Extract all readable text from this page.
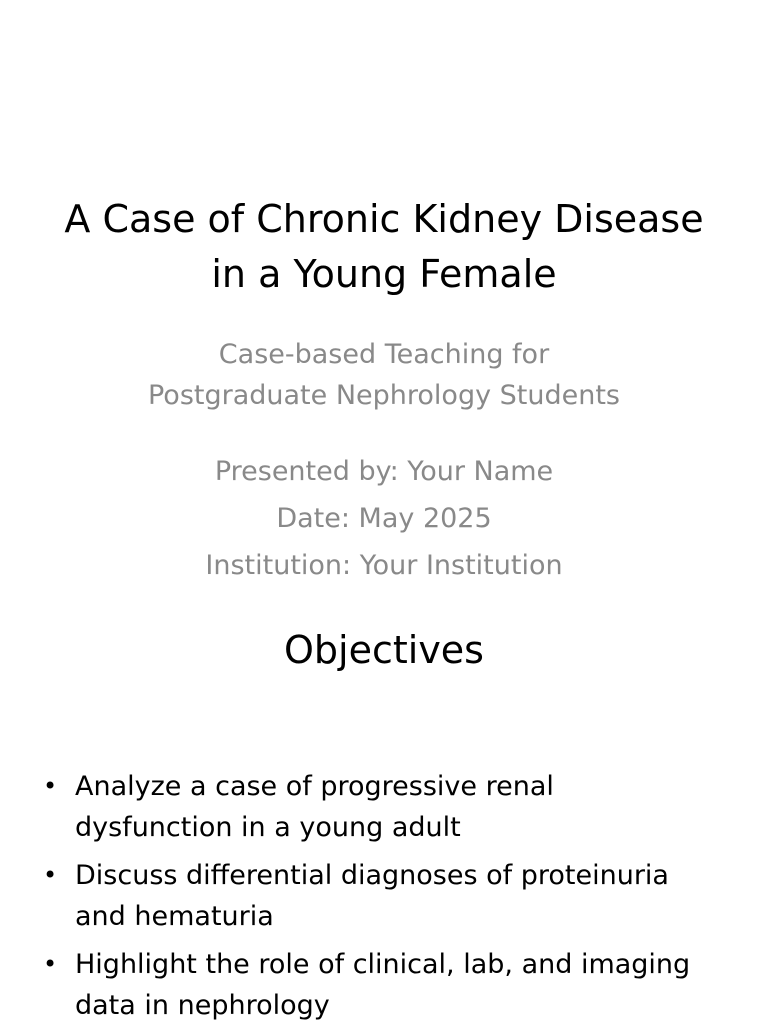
A Case of Chronic Kidney Disease
in a Young Female
Case-based Teaching for
Postgraduate Nephrology Students
Presented by: Your Name
Date: May 2025
Institution: Your Institution
Objectives
• Analyze a case of progressive renal
dysfunction in a young adult
• Discuss differential diagnoses of proteinuria
and hematuria
• Highlight the role of clinical, lab, and imaging
data in nephrology
